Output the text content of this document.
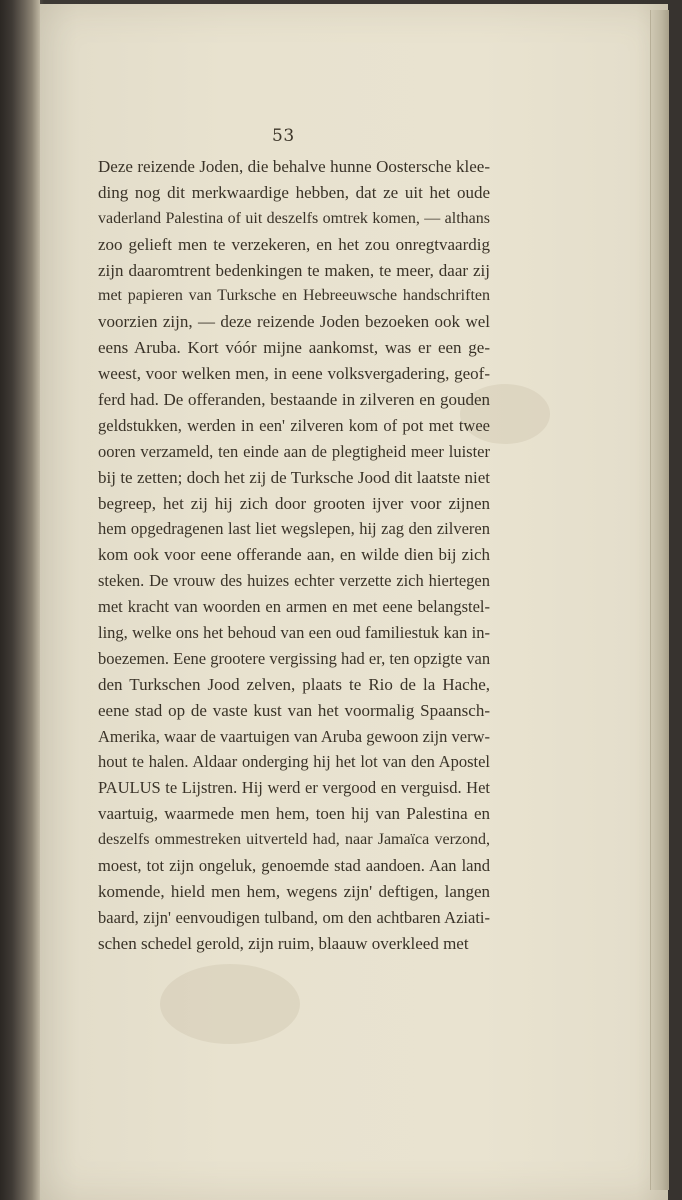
53
Deze reizende Joden, die behalve hunne Oostersche klee-
ding nog dit merkwaardige hebben, dat ze uit het oude
vaderland Palestina of uit deszelfs omtrek komen, — althans
zoo gelieft men te verzekeren, en het zou onregtvaardig
zijn daaromtrent bedenkingen te maken, te meer, daar zij
met papieren van Turksche en Hebreeuwsche handschriften
voorzien zijn, — deze reizende Joden bezoeken ook wel
eens Aruba. Kort vóór mijne aankomst, was er een ge-
weest, voor welken men, in eene volksvergadering, geof-
ferd had. De offeranden, bestaande in zilveren en gouden
geldstukken, werden in een' zilveren kom of pot met twee
ooren verzameld, ten einde aan de plegtigheid meer luister
bij te zetten; doch het zij de Turksche Jood dit laatste niet
begreep, het zij hij zich door grooten ijver voor zijnen
hem opgedragenen last liet wegslepen, hij zag den zilveren
kom ook voor eene offerande aan, en wilde dien bij zich
steken. De vrouw des huizes echter verzette zich hiertegen
met kracht van woorden en armen en met eene belangstel-
ling, welke ons het behoud van een oud familiestuk kan in-
boezemen. Eene grootere vergissing had er, ten opzigte van
den Turkschen Jood zelven, plaats te Rio de la Hache,
eene stad op de vaste kust van het voormalig Spaansch-
Amerika, waar de vaartuigen van Aruba gewoon zijn verw-
hout te halen. Aldaar onderging hij het lot van den Apostel
PAULUS te Lijstren. Hij werd er vergood en verguisd. Het
vaartuig, waarmede men hem, toen hij van Palestina en
deszelfs ommestreken uitverteld had, naar Jamaïca verzond,
moest, tot zijn ongeluk, genoemde stad aandoen. Aan land
komende, hield men hem, wegens zijn' deftigen, langen
baard, zijn' eenvoudigen tulband, om den achtbaren Aziati-
schen schedel gerold, zijn ruim, blaauw overkleed met
